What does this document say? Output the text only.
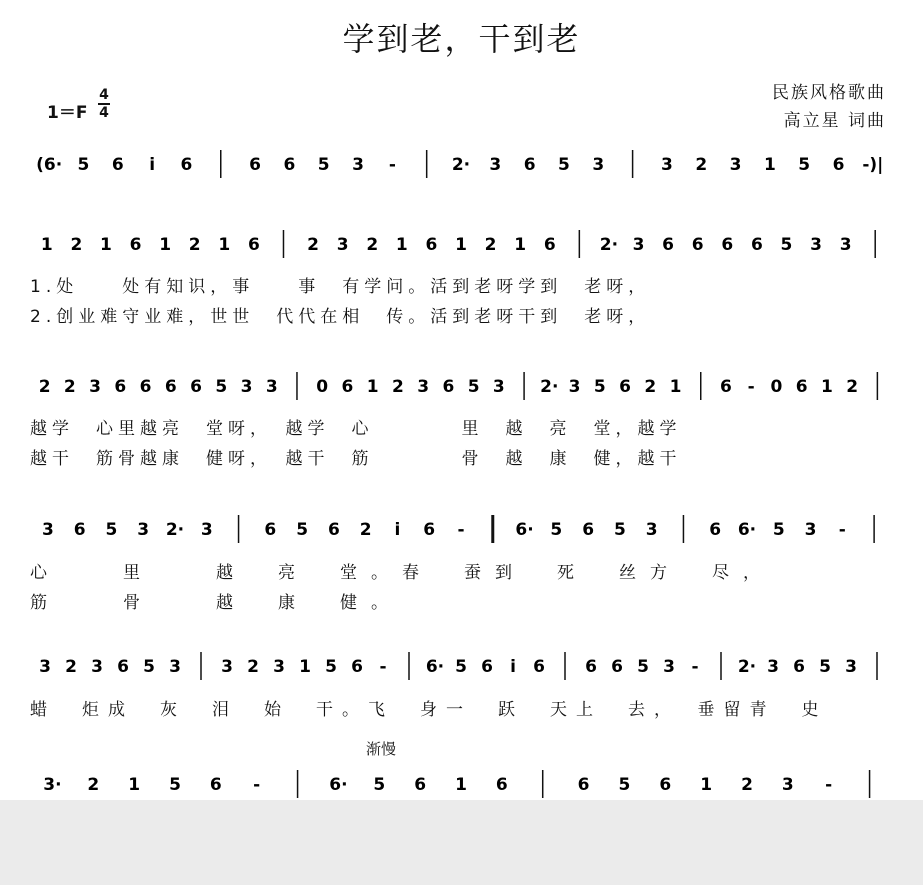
学到老，干到老
民族风格歌曲
高立星 词曲
1＝F
4
4
(6· 5 6 i 6	6 6 5 3 -	2· 3 6 5 3	3 2 3 1 5 6 -)|
1 2 1 6 1 2 1 6	2 3 2 1 6 1 2 1 6	2· 3 6 6 6 6 5 3 3
2 2 3 6 6 6 6 5 3 3 0 6 1 2 3 6 5 3 2· 3 5 6 2 1 6 - 0 6 1 2
3 6 5 3 2· 3	6 5 6 2 i 6 -	6· 5 6 5 3	6 6· 5 3 -
3 2 3 6 5 3 3 2 3 1 5 6 - 6· 5 6 i 6 6 6 5 3 - 2· 3 6 5 3
3· 2 1 5 6 -	6· 5 6 1 6	6 5 6 1 2 3 -
1.处　　处有知识，事　　事　有学问。活到老呀学到　老呀，
2.创业难守业难，世世　代代在相　传。活到老呀干到　老呀，
越学　心里越亮　堂呀，　越学　心　　　　里　越　亮　堂，越学
越干　筋骨越康　健呀，　越干　筋　　　　骨　越　康　健，越干
心　　里　　越　亮　堂。春　蚕到　死　丝方　尽，
筋　　骨　　越　康　健。
蜡　炬成　灰　泪　始　干。飞　身一　跃　天上　去，　垂留青　史
渐慢
